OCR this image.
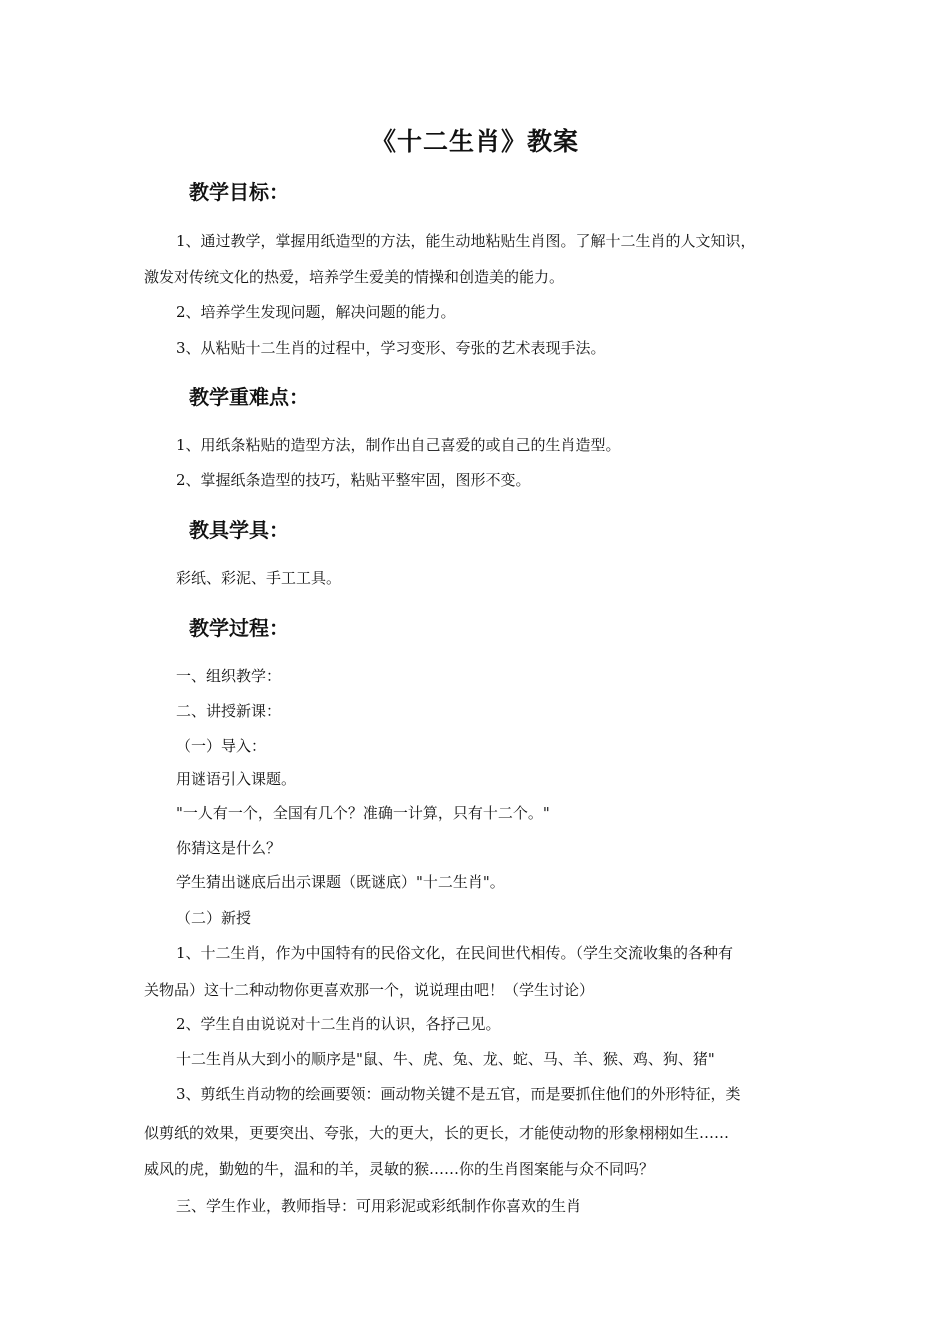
《十二生肖》教案
教学目标：
1、通过教学，掌握用纸造型的方法，能生动地粘贴生肖图。了解十二生肖的人文知识，
激发对传统文化的热爱，培养学生爱美的情操和创造美的能力。
2、培养学生发现问题，解决问题的能力。
3、从粘贴十二生肖的过程中，学习变形、夸张的艺术表现手法。
教学重难点：
1、用纸条粘贴的造型方法，制作出自己喜爱的或自己的生肖造型。
2、掌握纸条造型的技巧，粘贴平整牢固，图形不变。
教具学具：
彩纸、彩泥、手工工具。
教学过程：
一、组织教学：
二、讲授新课：
（一）导入：
用谜语引入课题。
"一人有一个，全国有几个？准确一计算，只有十二个。"
你猜这是什么？
学生猜出谜底后出示课题（既谜底）"十二生肖"。
（二）新授
1、十二生肖，作为中国特有的民俗文化，在民间世代相传。（学生交流收集的各种有
关物品）这十二种动物你更喜欢那一个，说说理由吧！（学生讨论）
2、学生自由说说对十二生肖的认识，各抒己见。
十二生肖从大到小的顺序是"鼠、牛、虎、兔、龙、蛇、马、羊、猴、鸡、狗、猪"
3、剪纸生肖动物的绘画要领：画动物关键不是五官，而是要抓住他们的外形特征，类
似剪纸的效果，更要突出、夸张，大的更大，长的更长，才能使动物的形象栩栩如生……
威风的虎，勤勉的牛，温和的羊，灵敏的猴……你的生肖图案能与众不同吗？
三、学生作业，教师指导：可用彩泥或彩纸制作你喜欢的生肖
